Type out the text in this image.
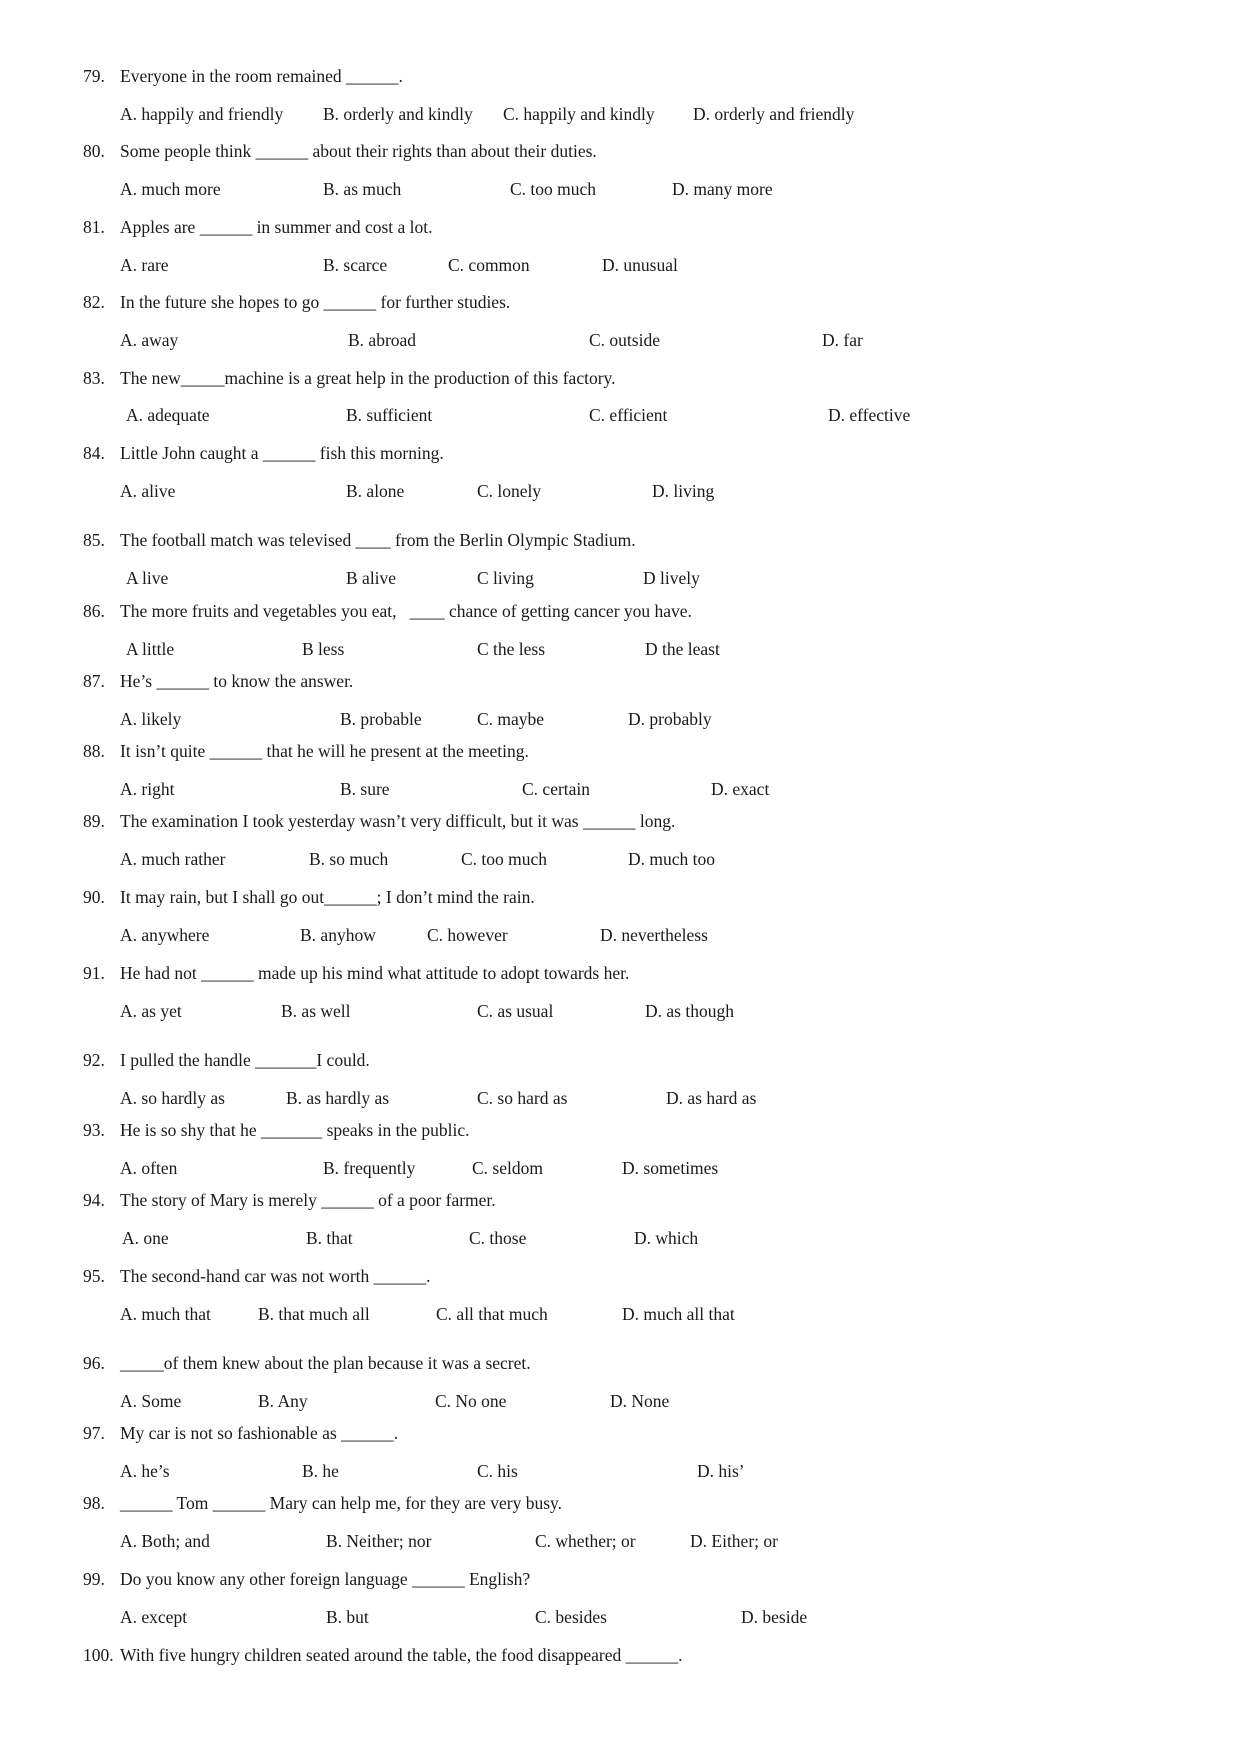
79. Everyone in the room remained ______.
A. happily and friendly B. orderly and kindly C. happily and kindly D. orderly and friendly
80. Some people think ______ about their rights than about their duties.
A. much more	B. as much	C. too much	D. many more
81. Apples are ______ in summer and cost a lot.
A. rare	B. scarce	C. common	D. unusual
82. In the future she hopes to go ______ for further studies.
A. away	B. abroad	C. outside	D. far
83. The new_____machine is a great help in the production of this factory.
A. adequate	B. sufficient	C. efficient	D. effective
84. Little John caught a ______ fish this morning.
A. alive	B. alone	C. lonely	D. living
85. The football match was televised ____ from the Berlin Olympic Stadium.
A live	B alive	C living	D lively
86. The more fruits and vegetables you eat,   ____ chance of getting cancer you have.
A little	B less	C the less	D the least
87. He’s ______ to know the answer.
A. likely	B. probable	C. maybe	D. probably
88. It isn’t quite ______ that he will he present at the meeting.
A. right	B. sure	C. certain	D. exact
89. The examination I took yesterday wasn’t very difficult, but it was ______ long.
A. much rather	B. so much	C. too much	D. much too
90. It may rain, but I shall go out______; I don’t mind the rain.
A. anywhere	B. anyhow	C. however	D. nevertheless
91. He had not ______ made up his mind what attitude to adopt towards her.
A. as yet	B. as well	C. as usual	D. as though
92. I pulled the handle _______I could.
A. so hardly as	B. as hardly as	C. so hard as	D. as hard as
93. He is so shy that he _______ speaks in the public.
A. often	B. frequently	C. seldom	D. sometimes
94. The story of Mary is merely ______ of a poor farmer.
A. one	B. that	C. those	D. which
95. The second-hand car was not worth ______.
A. much that	B. that much all	C. all that much	D. much all that
96. _____of them knew about the plan because it was a secret.
A. Some	B. Any	C. No one	D. None
97. My car is not so fashionable as ______.
A. he’s	B. he	C. his	D. his’
98. ______ Tom ______ Mary can help me, for they are very busy.
A. Both; and	B. Neither; nor	C. whether; or	D. Either; or
99. Do you know any other foreign language ______ English?
A. except	B. but	C. besides	D. beside
100. With five hungry children seated around the table, the food disappeared ______.
